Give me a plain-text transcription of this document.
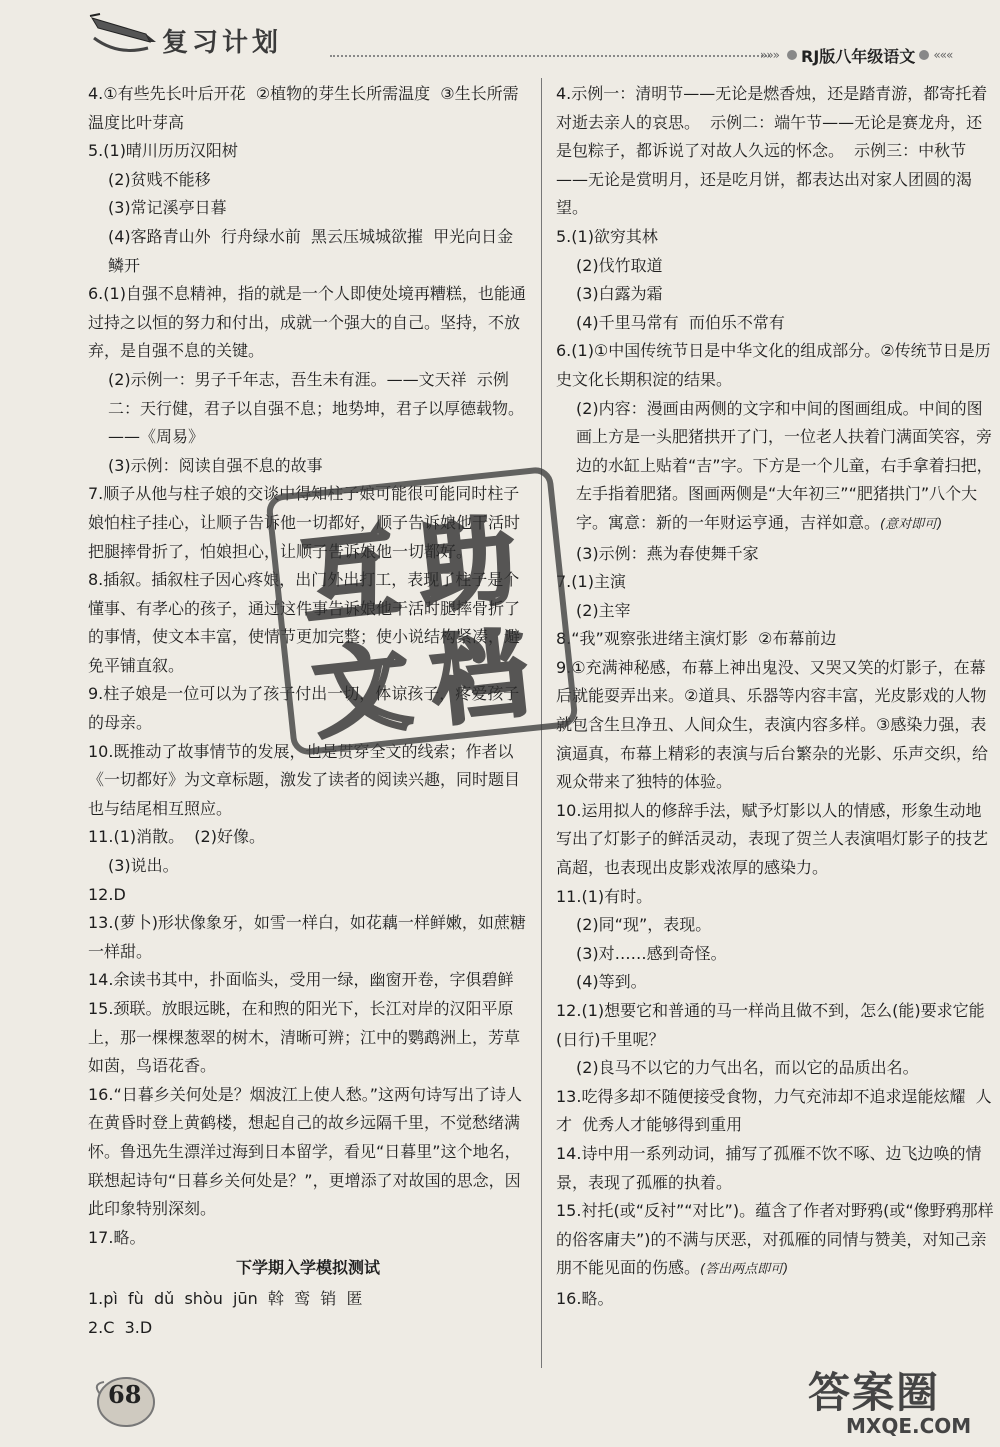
复习计划	»»» RJ版八年级语文 «««

4.①有些先长叶后开花  ②植物的芽生长所需温度  ③生长所需温度比叶芽高

5.(1)晴川历历汉阳树

(2)贫贱不能移

(3)常记溪亭日暮

(4)客路青山外  行舟绿水前  黑云压城城欲摧  甲光向日金鳞开

6.(1)自强不息精神，指的就是一个人即使处境再糟糕，也能通过持之以恒的努力和付出，成就一个强大的自己。坚持，不放弃，是自强不息的关键。

(2)示例一：男子千年志，吾生未有涯。——文天祥  示例二：天行健，君子以自强不息；地势坤，君子以厚德载物。——《周易》

(3)示例：阅读自强不息的故事

7.顺子从他与柱子娘的交谈中得知柱子娘可能很可能同时柱子娘怕柱子挂心，让顺子告诉他一切都好，顺子告诉娘他干活时把腿摔骨折了，怕娘担心，让顺子告诉娘他一切都好。

8.插叙。插叙柱子因心疼娘，出门外出打工，表现了柱子是个懂事、有孝心的孩子，通过这件事告诉娘他干活时腿摔骨折了的事情，使文本丰富，使情节更加完整；使小说结构紧凑，避免平铺直叙。

9.柱子娘是一位可以为了孩子付出一切，体谅孩子，疼爱孩子的母亲。

10.既推动了故事情节的发展，也是贯穿全文的线索；作者以《一切都好》为文章标题，激发了读者的阅读兴趣，同时题目也与结尾相互照应。

11.(1)消散。  (2)好像。

(3)说出。

12.D

13.(萝卜)形状像象牙，如雪一样白，如花藕一样鲜嫩，如蔗糖一样甜。

14.余读书其中，扑面临头，受用一绿，幽窗开卷，字俱碧鲜

15.颈联。放眼远眺，在和煦的阳光下，长江对岸的汉阳平原上，那一棵棵葱翠的树木，清晰可辨；江中的鹦鹉洲上，芳草如茵，鸟语花香。

16.“日暮乡关何处是？烟波江上使人愁。”这两句诗写出了诗人在黄昏时登上黄鹤楼，想起自己的故乡远隔千里，不觉愁绪满怀。鲁迅先生漂洋过海到日本留学，看见“日暮里”这个地名，联想起诗句“日暮乡关何处是？”，更增添了对故国的思念，因此印象特别深刻。

17.略。

下学期入学模拟测试

1.pì  fù  dǔ  shòu  jūn  斡  鸾  销  匿

2.C  3.D

4.示例一：清明节——无论是燃香烛，还是踏青游，都寄托着对逝去亲人的哀思。  示例二：端午节——无论是赛龙舟，还是包粽子，都诉说了对故人久远的怀念。  示例三：中秋节——无论是赏明月，还是吃月饼，都表达出对家人团圆的渴望。

5.(1)欲穷其林

(2)伐竹取道

(3)白露为霜

(4)千里马常有  而伯乐不常有

6.(1)①中国传统节日是中华文化的组成部分。②传统节日是历史文化长期积淀的结果。

(2)内容：漫画由两侧的文字和中间的图画组成。中间的图画上方是一头肥猪拱开了门，一位老人扶着门满面笑容，旁边的水缸上贴着“吉”字。下方是一个儿童，右手拿着扫把，左手指着肥猪。图画两侧是“大年初三”“肥猪拱门”八个大字。寓意：新的一年财运亨通，吉祥如意。(意对即可)

(3)示例：燕为春使舞千家

7.(1)主演

(2)主宰

8.“我”观察张进绪主演灯影  ②布幕前边

9.①充满神秘感，布幕上神出鬼没、又哭又笑的灯影子，在幕后就能耍弄出来。②道具、乐器等内容丰富，光皮影戏的人物就包含生旦净丑、人间众生，表演内容多样。③感染力强，表演逼真，布幕上精彩的表演与后台繁杂的光影、乐声交织，给观众带来了独特的体验。

10.运用拟人的修辞手法，赋予灯影以人的情感，形象生动地写出了灯影子的鲜活灵动，表现了贺兰人表演唱灯影子的技艺高超，也表现出皮影戏浓厚的感染力。

11.(1)有时。

(2)同“现”，表现。

(3)对……感到奇怪。

(4)等到。

12.(1)想要它和普通的马一样尚且做不到，怎么(能)要求它能(日行)千里呢？

(2)良马不以它的力气出名，而以它的品质出名。

13.吃得多却不随便接受食物，力气充沛却不追求逞能炫耀  人才  优秀人才能够得到重用

14.诗中用一系列动词，捕写了孤雁不饮不啄、边飞边唤的情景，表现了孤雁的执着。

15.衬托(或“反衬”“对比”)。蕴含了作者对野鸦(或“像野鸦那样的俗客庸夫”)的不满与厌恶，对孤雁的同情与赞美，对知己亲朋不能见面的伤感。(答出两点即可)

16.略。

互 助
文 档
68	答案圈
MXQE.COM
